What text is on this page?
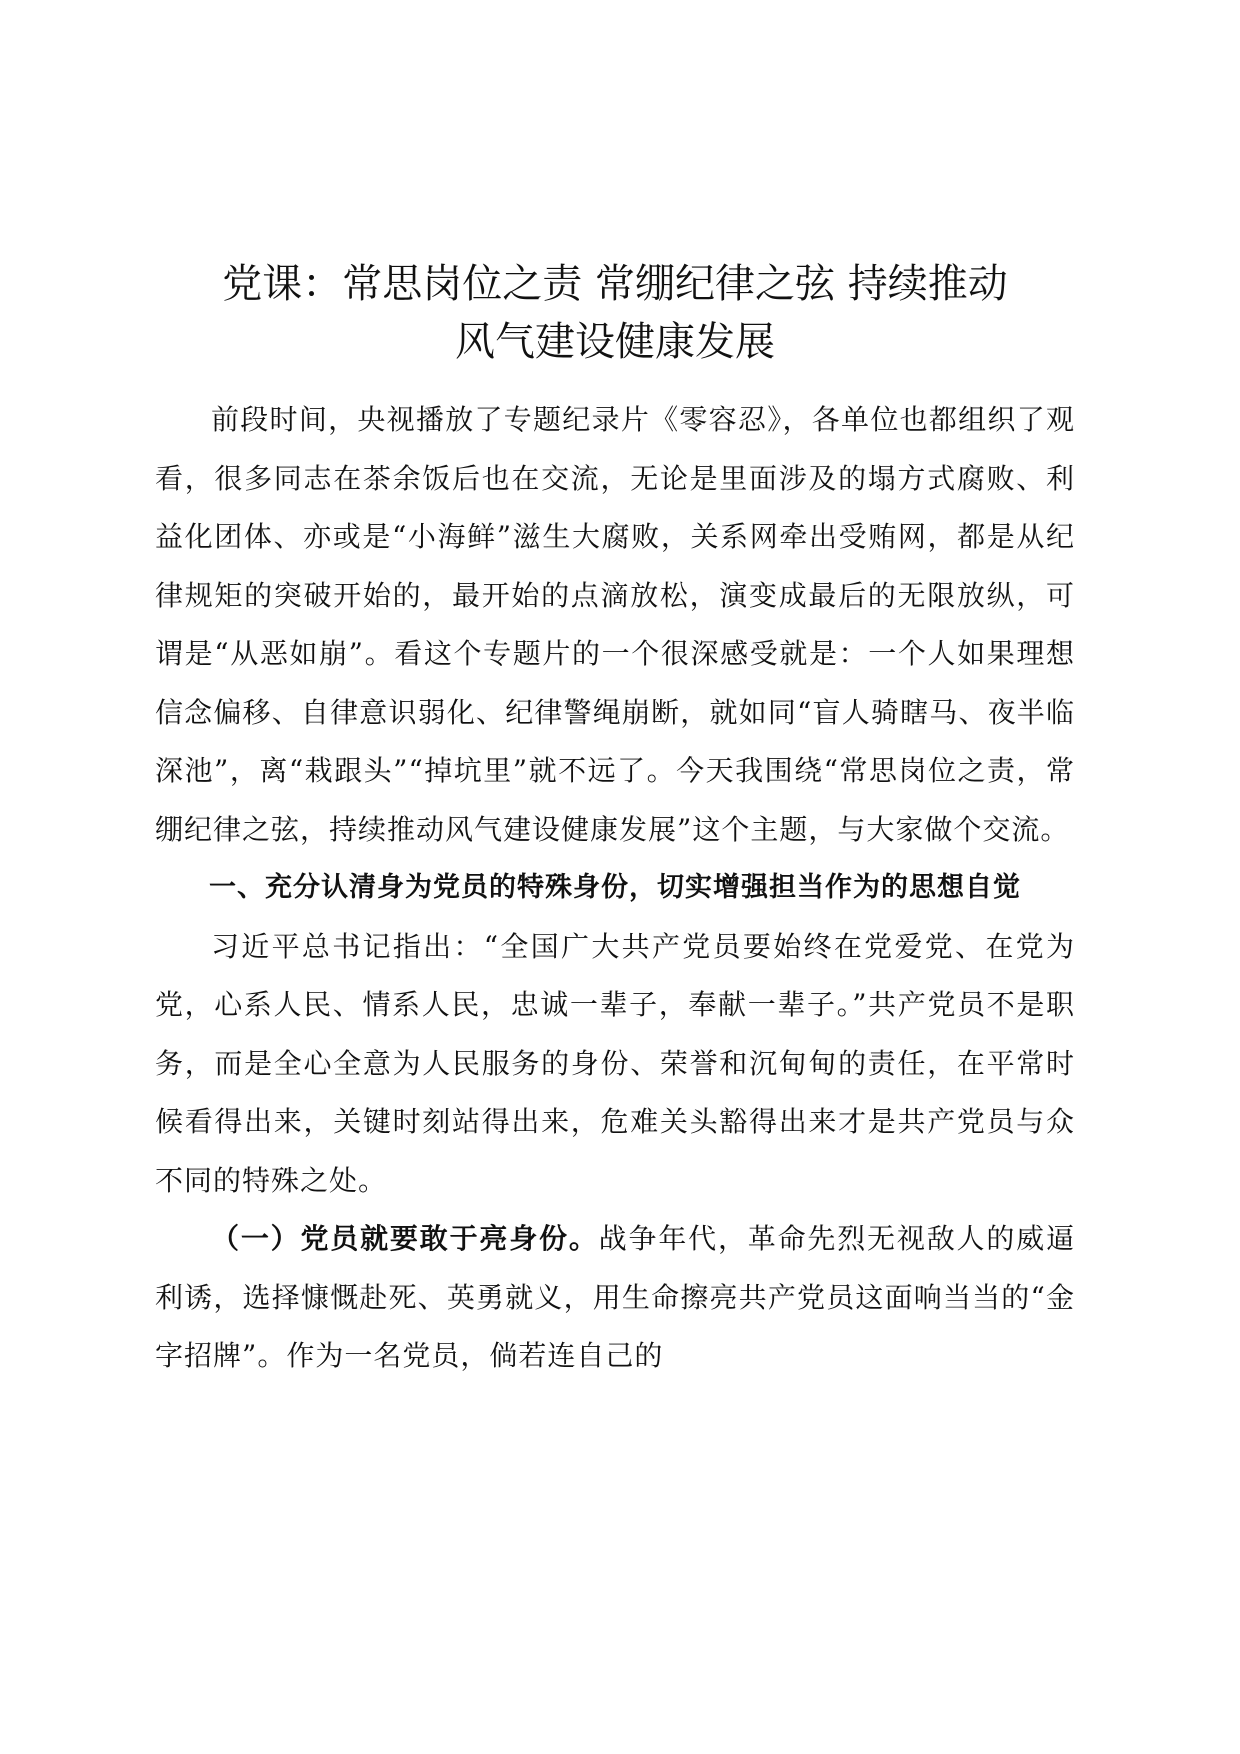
党课：常思岗位之责 常绷纪律之弦 持续推动
风气建设健康发展

前段时间，央视播放了专题纪录片《零容忍》，各单位也都组织了观看，很多同志在茶余饭后也在交流，无论是里面涉及的塌方式腐败、利益化团体、亦或是“小海鲜”滋生大腐败，关系网牵出受贿网，都是从纪律规矩的突破开始的，最开始的点滴放松，演变成最后的无限放纵，可谓是“从恶如崩”。看这个专题片的一个很深感受就是：一个人如果理想信念偏移、自律意识弱化、纪律警绳崩断，就如同“盲人骑瞎马、夜半临深池”，离“栽跟头”“掉坑里”就不远了。今天我围绕“常思岗位之责，常绷纪律之弦，持续推动风气建设健康发展”这个主题，与大家做个交流。

一、充分认清身为党员的特殊身份，切实增强担当作为的思想自觉

习近平总书记指出：“全国广大共产党员要始终在党爱党、在党为党，心系人民、情系人民，忠诚一辈子，奉献一辈子。”共产党员不是职务，而是全心全意为人民服务的身份、荣誉和沉甸甸的责任，在平常时候看得出来，关键时刻站得出来，危难关头豁得出来才是共产党员与众不同的特殊之处。

（一）党员就要敢于亮身份。战争年代，革命先烈无视敌人的威逼利诱，选择慷慨赴死、英勇就义，用生命擦亮共产党员这面响当当的“金字招牌”。作为一名党员，倘若连自己的
